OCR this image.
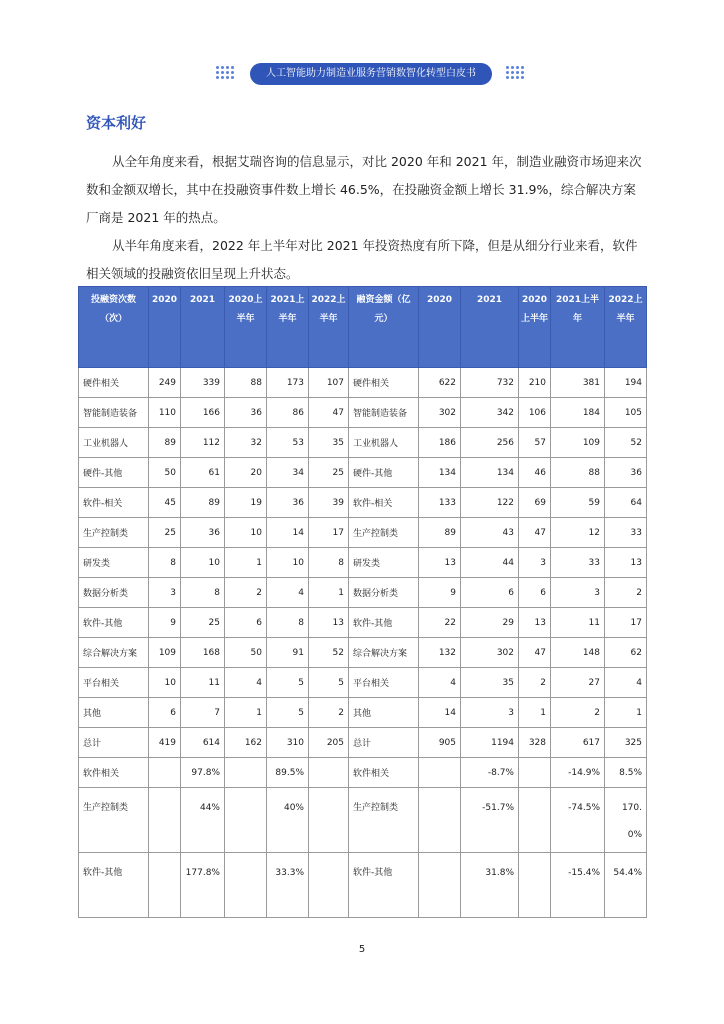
人工智能助力制造业服务营销数智化转型白皮书
资本利好

从全年角度来看，根据艾瑞咨询的信息显示，对比 2020 年和 2021 年，制造业融资市场迎来次数和金额双增长，其中在投融资事件数上增长 46.5%，在投融资金额上增长 31.9%，综合解决方案厂商是 2021 年的热点。

从半年角度来看，2022 年上半年对比 2021 年投资热度有所下降，但是从细分行业来看，软件相关领域的投融资依旧呈现上升状态。

投融资次数（次）	2020	2021	2020上半年	2021上半年	2022上半年	融资金额（亿元）	2020	2021	2020上半年	2021上半年	2022上半年
硬件相关	249	339	88	173	107	硬件相关	622	732	210	381	194
智能制造装备	110	166	36	86	47	智能制造装备	302	342	106	184	105
工业机器人	89	112	32	53	35	工业机器人	186	256	57	109	52
硬件-其他	50	61	20	34	25	硬件-其他	134	134	46	88	36
软件-相关	45	89	19	36	39	软件-相关	133	122	69	59	64
生产控制类	25	36	10	14	17	生产控制类	89	43	47	12	33
研发类	8	10	1	10	8	研发类	13	44	3	33	13
数据分析类	3	8	2	4	1	数据分析类	9	6	6	3	2
软件-其他	9	25	6	8	13	软件-其他	22	29	13	11	17
综合解决方案	109	168	50	91	52	综合解决方案	132	302	47	148	62
平台相关	10	11	4	5	5	平台相关	4	35	2	27	4
其他	6	7	1	5	2	其他	14	3	1	2	1
总计	419	614	162	310	205	总计	905	1194	328	617	325
软件相关		97.8%		89.5%		软件相关		-8.7%		-14.9%	8.5%
生产控制类		44%		40%		生产控制类		-51.7%		-74.5%	170.0%
软件-其他		177.8%		33.3%		软件-其他		31.8%		-15.4%	54.4%
5
